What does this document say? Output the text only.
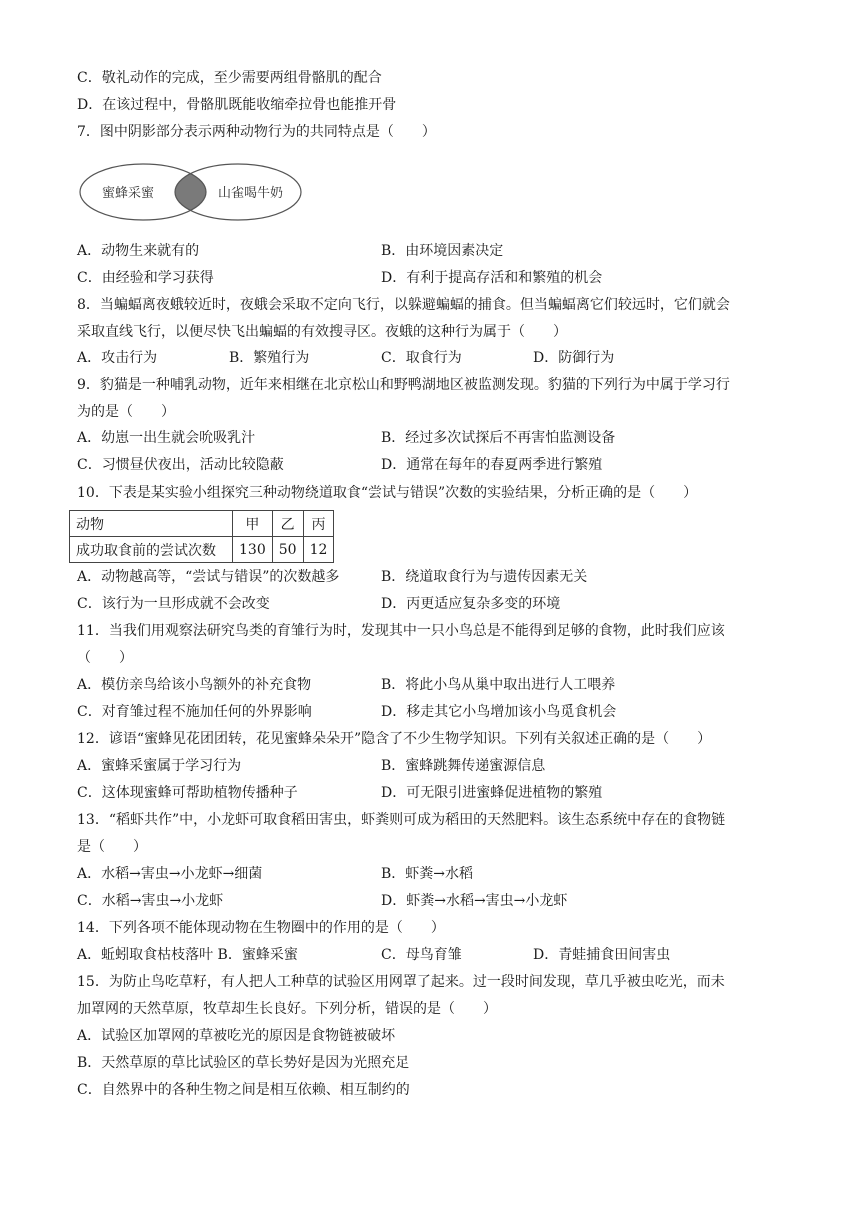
C．敬礼动作的完成，至少需要两组骨骼肌的配合
D．在该过程中，骨骼肌既能收缩牵拉骨也能推开骨
7．图中阴影部分表示两种动物行为的共同特点是（　　）
蜜蜂采蜜	山雀喝牛奶
A．动物生来就有的	B．由环境因素决定
C．由经验和学习获得	D．有利于提高存活和和繁殖的机会
8．当蝙蝠离夜蛾较近时，夜蛾会采取不定向飞行，以躲避蝙蝠的捕食。但当蝙蝠离它们较远时，它们就会
采取直线飞行，以便尽快飞出蝙蝠的有效搜寻区。夜蛾的这种行为属于（　　）
A．攻击行为	B．繁殖行为	C．取食行为	D．防御行为
9．豹猫是一种哺乳动物，近年来相继在北京松山和野鸭湖地区被监测发现。豹猫的下列行为中属于学习行
为的是（　　）
A．幼崽一出生就会吮吸乳汁	B．经过多次试探后不再害怕监测设备
C．习惯昼伏夜出，活动比较隐蔽	D．通常在每年的春夏两季进行繁殖
10．下表是某实验小组探究三种动物绕道取食“尝试与错误”次数的实验结果，分析正确的是（　　）
动物	甲	乙	丙
成功取食前的尝试次数	130	50	12
A．动物越高等，“尝试与错误”的次数越多	B．绕道取食行为与遗传因素无关
C．该行为一旦形成就不会改变	D．丙更适应复杂多变的环境
11．当我们用观察法研究鸟类的育雏行为时，发现其中一只小鸟总是不能得到足够的食物，此时我们应该
（　　）
A．模仿亲鸟给该小鸟额外的补充食物	B．将此小鸟从巢中取出进行人工喂养
C．对育雏过程不施加任何的外界影响	D．移走其它小鸟增加该小鸟觅食机会
12．谚语“蜜蜂见花团团转，花见蜜蜂朵朵开”隐含了不少生物学知识。下列有关叙述正确的是（　　）
A．蜜蜂采蜜属于学习行为	B．蜜蜂跳舞传递蜜源信息
C．这体现蜜蜂可帮助植物传播种子	D．可无限引进蜜蜂促进植物的繁殖
13．“稻虾共作”中，小龙虾可取食稻田害虫，虾粪则可成为稻田的天然肥料。该生态系统中存在的食物链
是（　　）
A．水稻→害虫→小龙虾→细菌	B．虾粪→水稻
C．水稻→害虫→小龙虾	D．虾粪→水稻→害虫→小龙虾
14．下列各项不能体现动物在生物圈中的作用的是（　　）
A．蚯蚓取食枯枝落叶 B．蜜蜂采蜜	C．母鸟育雏	D．青蛙捕食田间害虫
15．为防止鸟吃草籽，有人把人工种草的试验区用网罩了起来。过一段时间发现，草几乎被虫吃光，而未
加罩网的天然草原，牧草却生长良好。下列分析，错误的是（　　）
A．试验区加罩网的草被吃光的原因是食物链被破坏
B．天然草原的草比试验区的草长势好是因为光照充足
C．自然界中的各种生物之间是相互依赖、相互制约的
